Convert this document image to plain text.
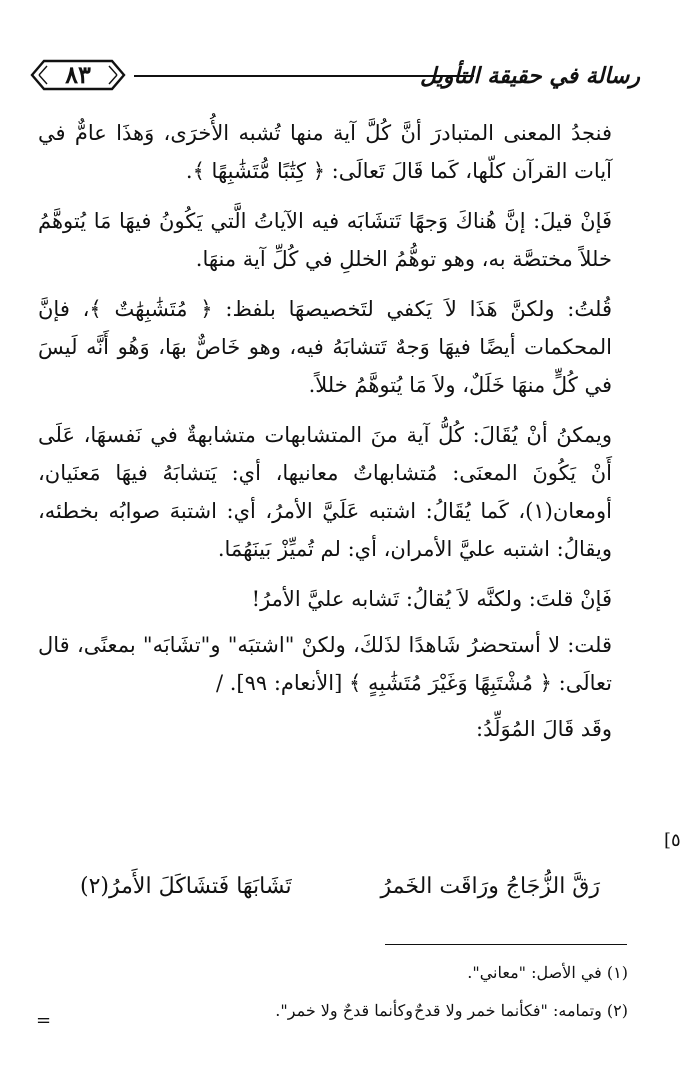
٨٣	رسالة في حقيقة التأويل

فنجدُ المعنى المتبادرَ أنَّ كُلَّ آية منها تُشبه الأُخرَى، وَهذَا عامٌّ في آيات القرآن كلّها، كَما قَالَ تَعالَى: ﴿ كِتَٰبًا مُّتَشَٰبِهًا ﴾.

فَإنْ قيلَ: إنَّ هُناكَ وَجهًا تَتشَابَه فيه الآياتُ الَّتي يَكُونُ فيهَا مَا يُتوهَّمُ خللاً مختصَّة به، وهو توهُّمُ الخللِ في كُلِّ آية منهَا.

قُلتُ: ولكنَّ هَذَا لاَ يَكفي لتَخصيصهَا بلفظ: ﴿ مُتَشَٰبِهَٰتٌ ﴾، فإنَّ المحكمات أيضًا فيهَا وَجهٌ تَتشابَهُ فيه، وهو خَاصٌّ بهَا، وَهُو أَنَّه لَيسَ في كُلٍّ منهَا خَلَلٌ، ولاَ مَا يُتوهَّمُ خللاً.

ويمكنُ أنْ يُقَالَ: كُلُّ آية منَ المتشابهات متشابهةٌ في نَفسهَا، عَلَى أَنْ يَكُونَ المعنَى: مُتشابهاتٌ معانيها، أي: يَتشابَهُ فيهَا مَعنَيان، أومعان(١)، كَما يُقَالُ: اشتبه عَلَيَّ الأمرُ، أي: اشتبهَ صوابُه بخطئه، ويقالُ: اشتبه عليَّ الأمران، أي: لم تُميِّزْ بَينَهُمَا.

فَإنْ قلتَ: ولكنَّه لاَ يُقالُ: تَشابه عليَّ الأمرُ!

قلت: لا أستحضرُ شَاهدًا لذَلكَ، ولكنْ "اشتبَه" و"تشَابَه" بمعنًى، قال تعالَى: ﴿ مُشْتَبِهًا وَغَيْرَ مُتَشَٰبِهٍ ﴾ [الأنعام: ٩٩]. /

وقَد قَالَ المُوَلِّدُ:

رَقَّ الزُّجَاجُ ورَاقَت الخَمرُ
تَشَابَهَا فَتشَاكَلَ الأَمرُ(٢)
(١) في الأصل: "معاني".
(٢) وتمامه: "فكأنما خمر ولا قدحٌ
وكأنما قدحٌ ولا خمر".
[٥
=
